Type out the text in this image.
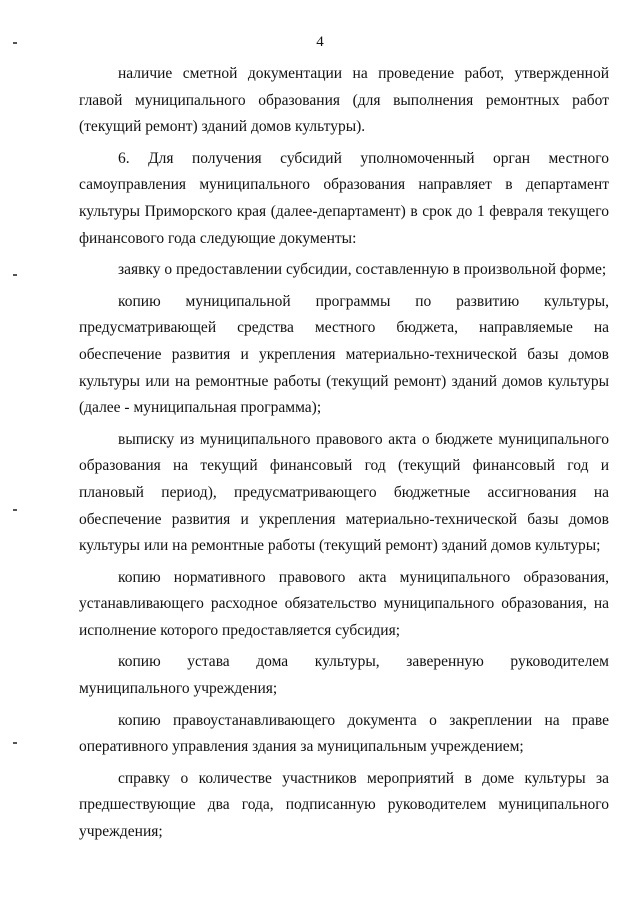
4

наличие сметной документации на проведение работ, утвержденной главой муниципального образования (для выполнения ремонтных работ (текущий ремонт) зданий домов культуры).

6. Для получения субсидий уполномоченный орган местного самоуправления муниципального образования направляет в департамент культуры Приморского края (далее-департамент) в срок до 1 февраля текущего финансового года следующие документы:

заявку о предоставлении субсидии, составленную в произвольной форме;

копию муниципальной программы по развитию культуры, предусматривающей средства местного бюджета, направляемые на обеспечение развития и укрепления материально-технической базы домов культуры или на ремонтные работы (текущий ремонт) зданий домов культуры (далее - муниципальная программа);

выписку из муниципального правового акта о бюджете муниципального образования на текущий финансовый год (текущий финансовый год и плановый период), предусматривающего бюджетные ассигнования на обеспечение развития и укрепления материально-технической базы домов культуры или на ремонтные работы (текущий ремонт) зданий домов культуры;

копию нормативного правового акта муниципального образования, устанавливающего расходное обязательство муниципального образования, на исполнение которого предоставляется субсидия;

копию устава дома культуры, заверенную руководителем муниципального учреждения;

копию правоустанавливающего документа о закреплении на праве оперативного управления здания за муниципальным учреждением;

справку о количестве участников мероприятий в доме культуры за предшествующие два года, подписанную руководителем муниципального учреждения;
